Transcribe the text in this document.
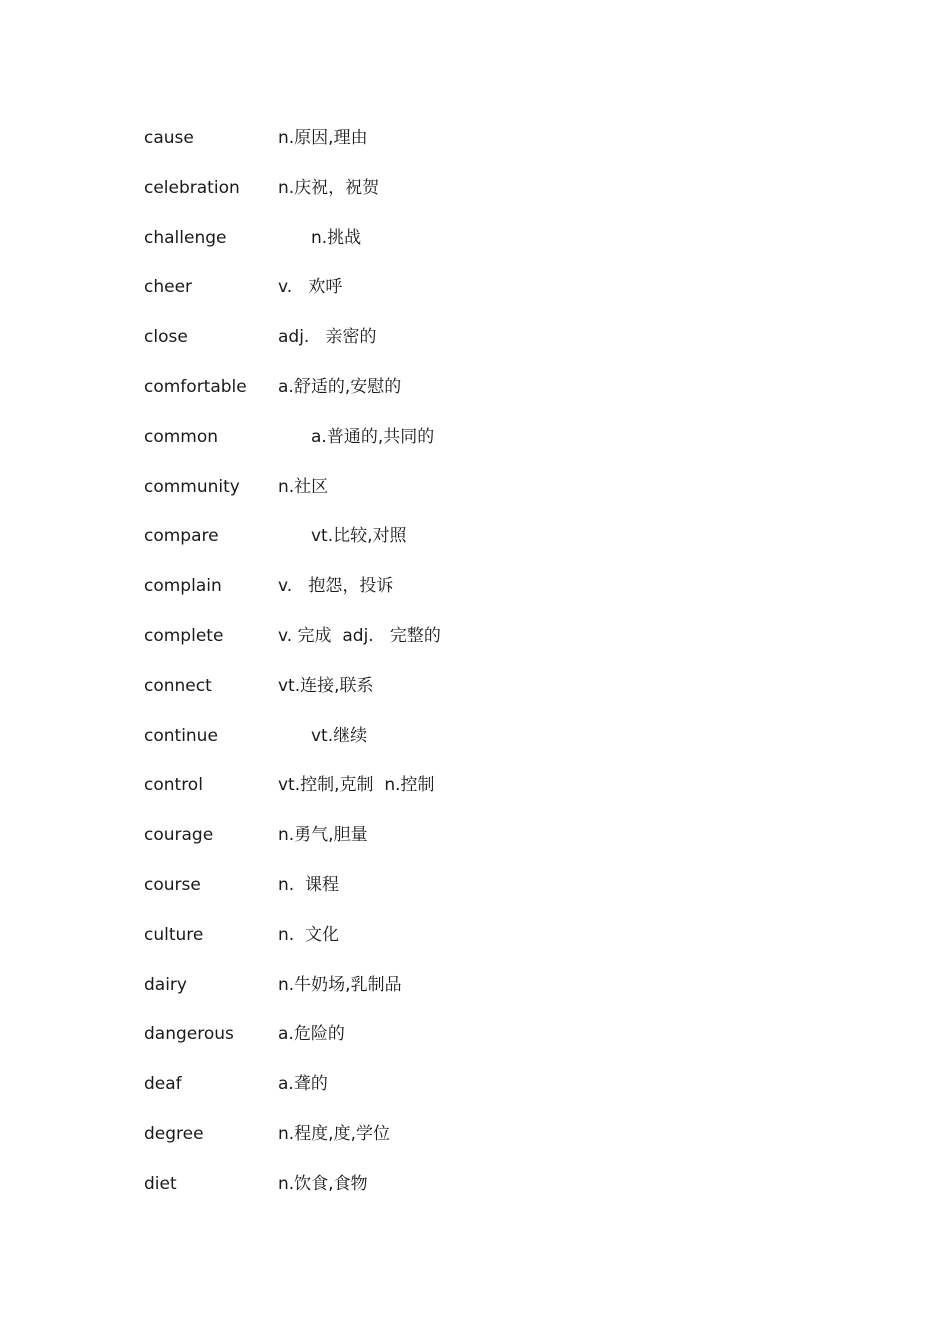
cause	n.原因,理由
celebration n.庆祝，祝贺
challenge	n.挑战
cheer	v.   欢呼
close	adj.   亲密的
comfortable a.舒适的,安慰的
common	a.普通的,共同的
community n.社区
compare	vt.比较,对照
complain	v.   抱怨，投诉
complete	v. 完成  adj.   完整的
connect	vt.连接,联系
continue	vt.继续
control	vt.控制,克制  n.控制
courage	n.勇气,胆量
course	n.  课程
culture	n.  文化
dairy	n.牛奶场,乳制品
dangerous	a.危险的
deaf	a.聋的
degree	n.程度,度,学位
diet	n.饮食,食物
